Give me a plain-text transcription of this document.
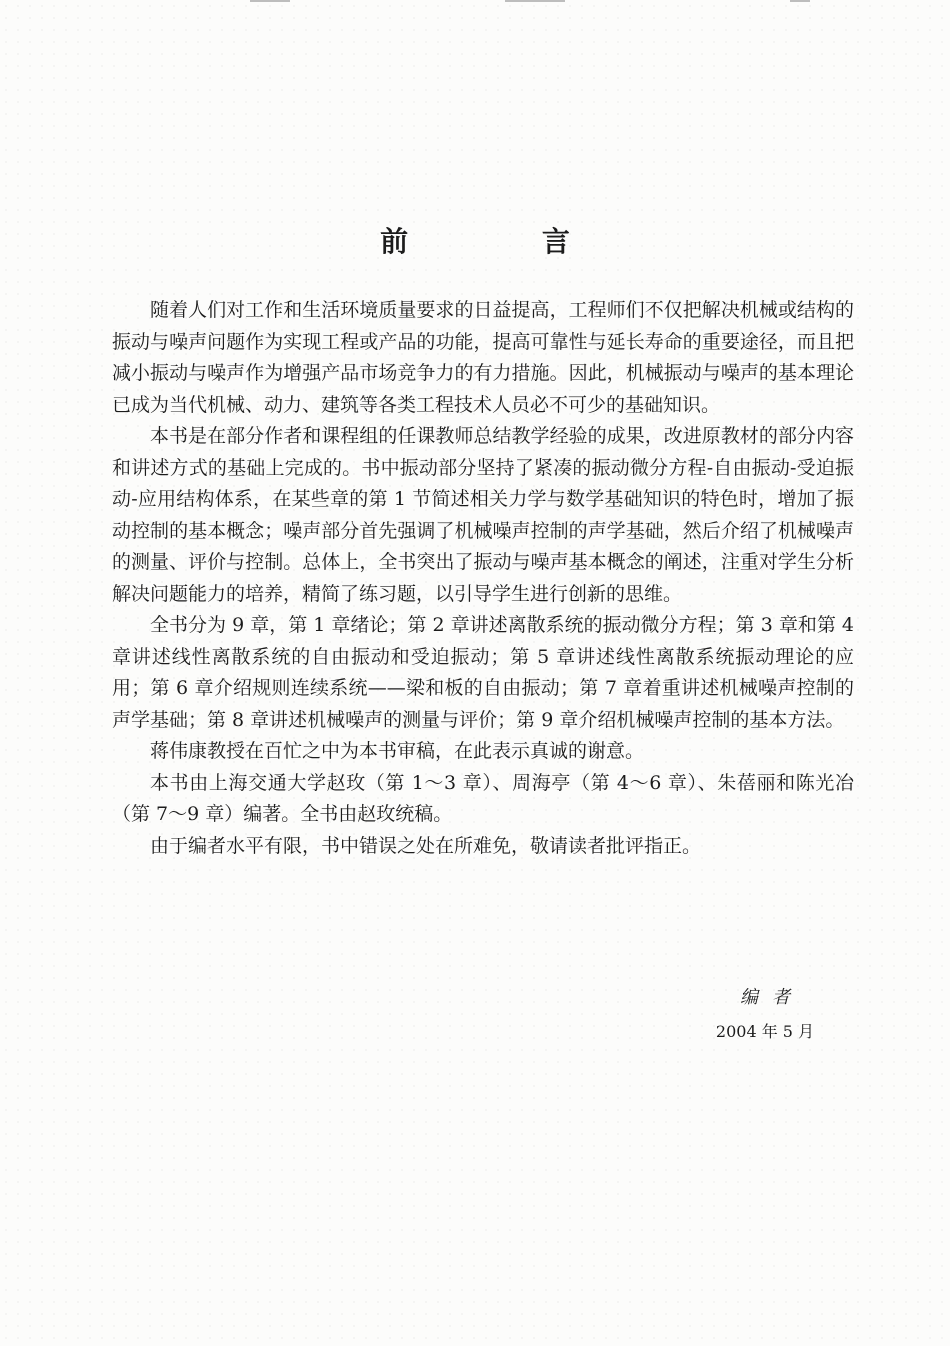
前 言

随着人们对工作和生活环境质量要求的日益提高，工程师们不仅把解决机械或结构的振动与噪声问题作为实现工程或产品的功能，提高可靠性与延长寿命的重要途径，而且把减小振动与噪声作为增强产品市场竞争力的有力措施。因此，机械振动与噪声的基本理论已成为当代机械、动力、建筑等各类工程技术人员必不可少的基础知识。

本书是在部分作者和课程组的任课教师总结教学经验的成果，改进原教材的部分内容和讲述方式的基础上完成的。书中振动部分坚持了紧凑的振动微分方程-自由振动-受迫振动-应用结构体系，在某些章的第 1 节简述相关力学与数学基础知识的特色时，增加了振动控制的基本概念；噪声部分首先强调了机械噪声控制的声学基础，然后介绍了机械噪声的测量、评价与控制。总体上，全书突出了振动与噪声基本概念的阐述，注重对学生分析解决问题能力的培养，精简了练习题，以引导学生进行创新的思维。

全书分为 9 章，第 1 章绪论；第 2 章讲述离散系统的振动微分方程；第 3 章和第 4 章讲述线性离散系统的自由振动和受迫振动；第 5 章讲述线性离散系统振动理论的应用；第 6 章介绍规则连续系统——梁和板的自由振动；第 7 章着重讲述机械噪声控制的声学基础；第 8 章讲述机械噪声的测量与评价；第 9 章介绍机械噪声控制的基本方法。

蒋伟康教授在百忙之中为本书审稿，在此表示真诚的谢意。

本书由上海交通大学赵玫（第 1～3 章）、周海亭（第 4～6 章）、朱蓓丽和陈光冶（第 7～9 章）编著。全书由赵玫统稿。

由于编者水平有限，书中错误之处在所难免，敬请读者批评指正。

编者
2004 年 5 月
